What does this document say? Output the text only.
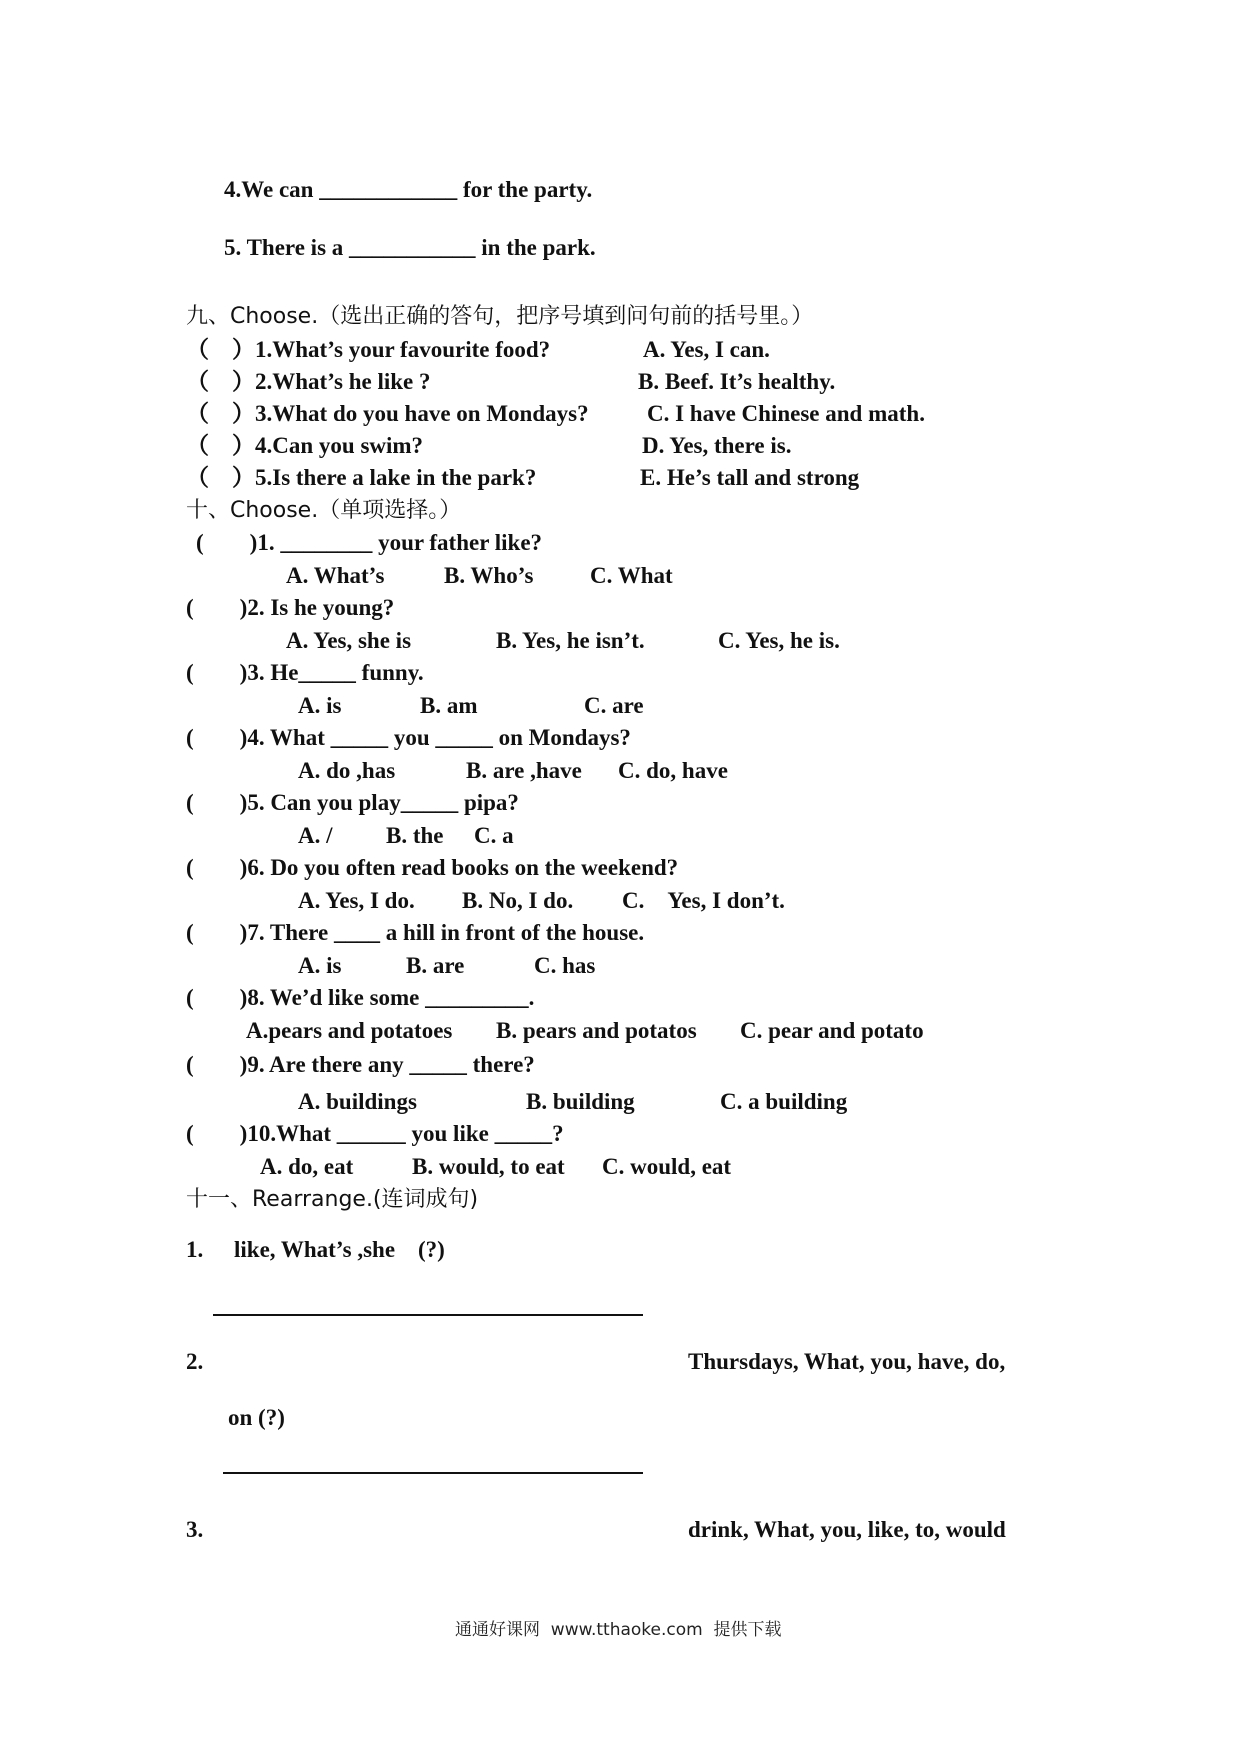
4.We can ____________ for the party.
5. There is a ___________ in the park.
九、Choose.（选出正确的答句，把序号填到问句前的括号里。）
（　）1.What’s your favourite food?	A. Yes, I can.
（　）2.What’s he like ?	B. Beef. It’s healthy.
（　）3.What do you have on Mondays?	C. I have Chinese and math.
（　）4.Can you swim?	D. Yes, there is.
（　）5.Is there a lake in the park?	E. He’s tall and strong
十、Choose.（单项选择。）
(　　)1. ________ your father like?
A. What’s	B. Who’s C. What
(　　)2. Is he young?
A. Yes, she is	B. Yes, he isn’t.	C. Yes, he is.
(　　)3. He_____ funny.
A. is	B. am	C. are
(　　)4. What _____ you _____ on Mondays?
A. do ,has	B. are ,have C. do, have
(　　)5. Can you play_____ pipa?
A. / B. the C. a
(　　)6. Do you often read books on the weekend?
A. Yes, I do. B. No, I do. C.　Yes, I don’t.
(　　)7. There ____ a hill in front of the house.
A. is	B. are	C. has
(　　)8. We’d like some _________.
A.pears and potatoes B. pears and potatos C. pear and potato
(　　)9. Are there any _____ there?
A. buildings	B. building	C. a building
(　　)10.What ______ you like _____?
A. do, eat	B. would, to eat C. would, eat
十一、Rearrange.(连词成句)
1. like, What’s ,she　(?)
2.	Thursdays, What, you, have, do,
on (?)
3.	drink, What, you, like, to, would
通通好课网  www.tthaoke.com  提供下载
